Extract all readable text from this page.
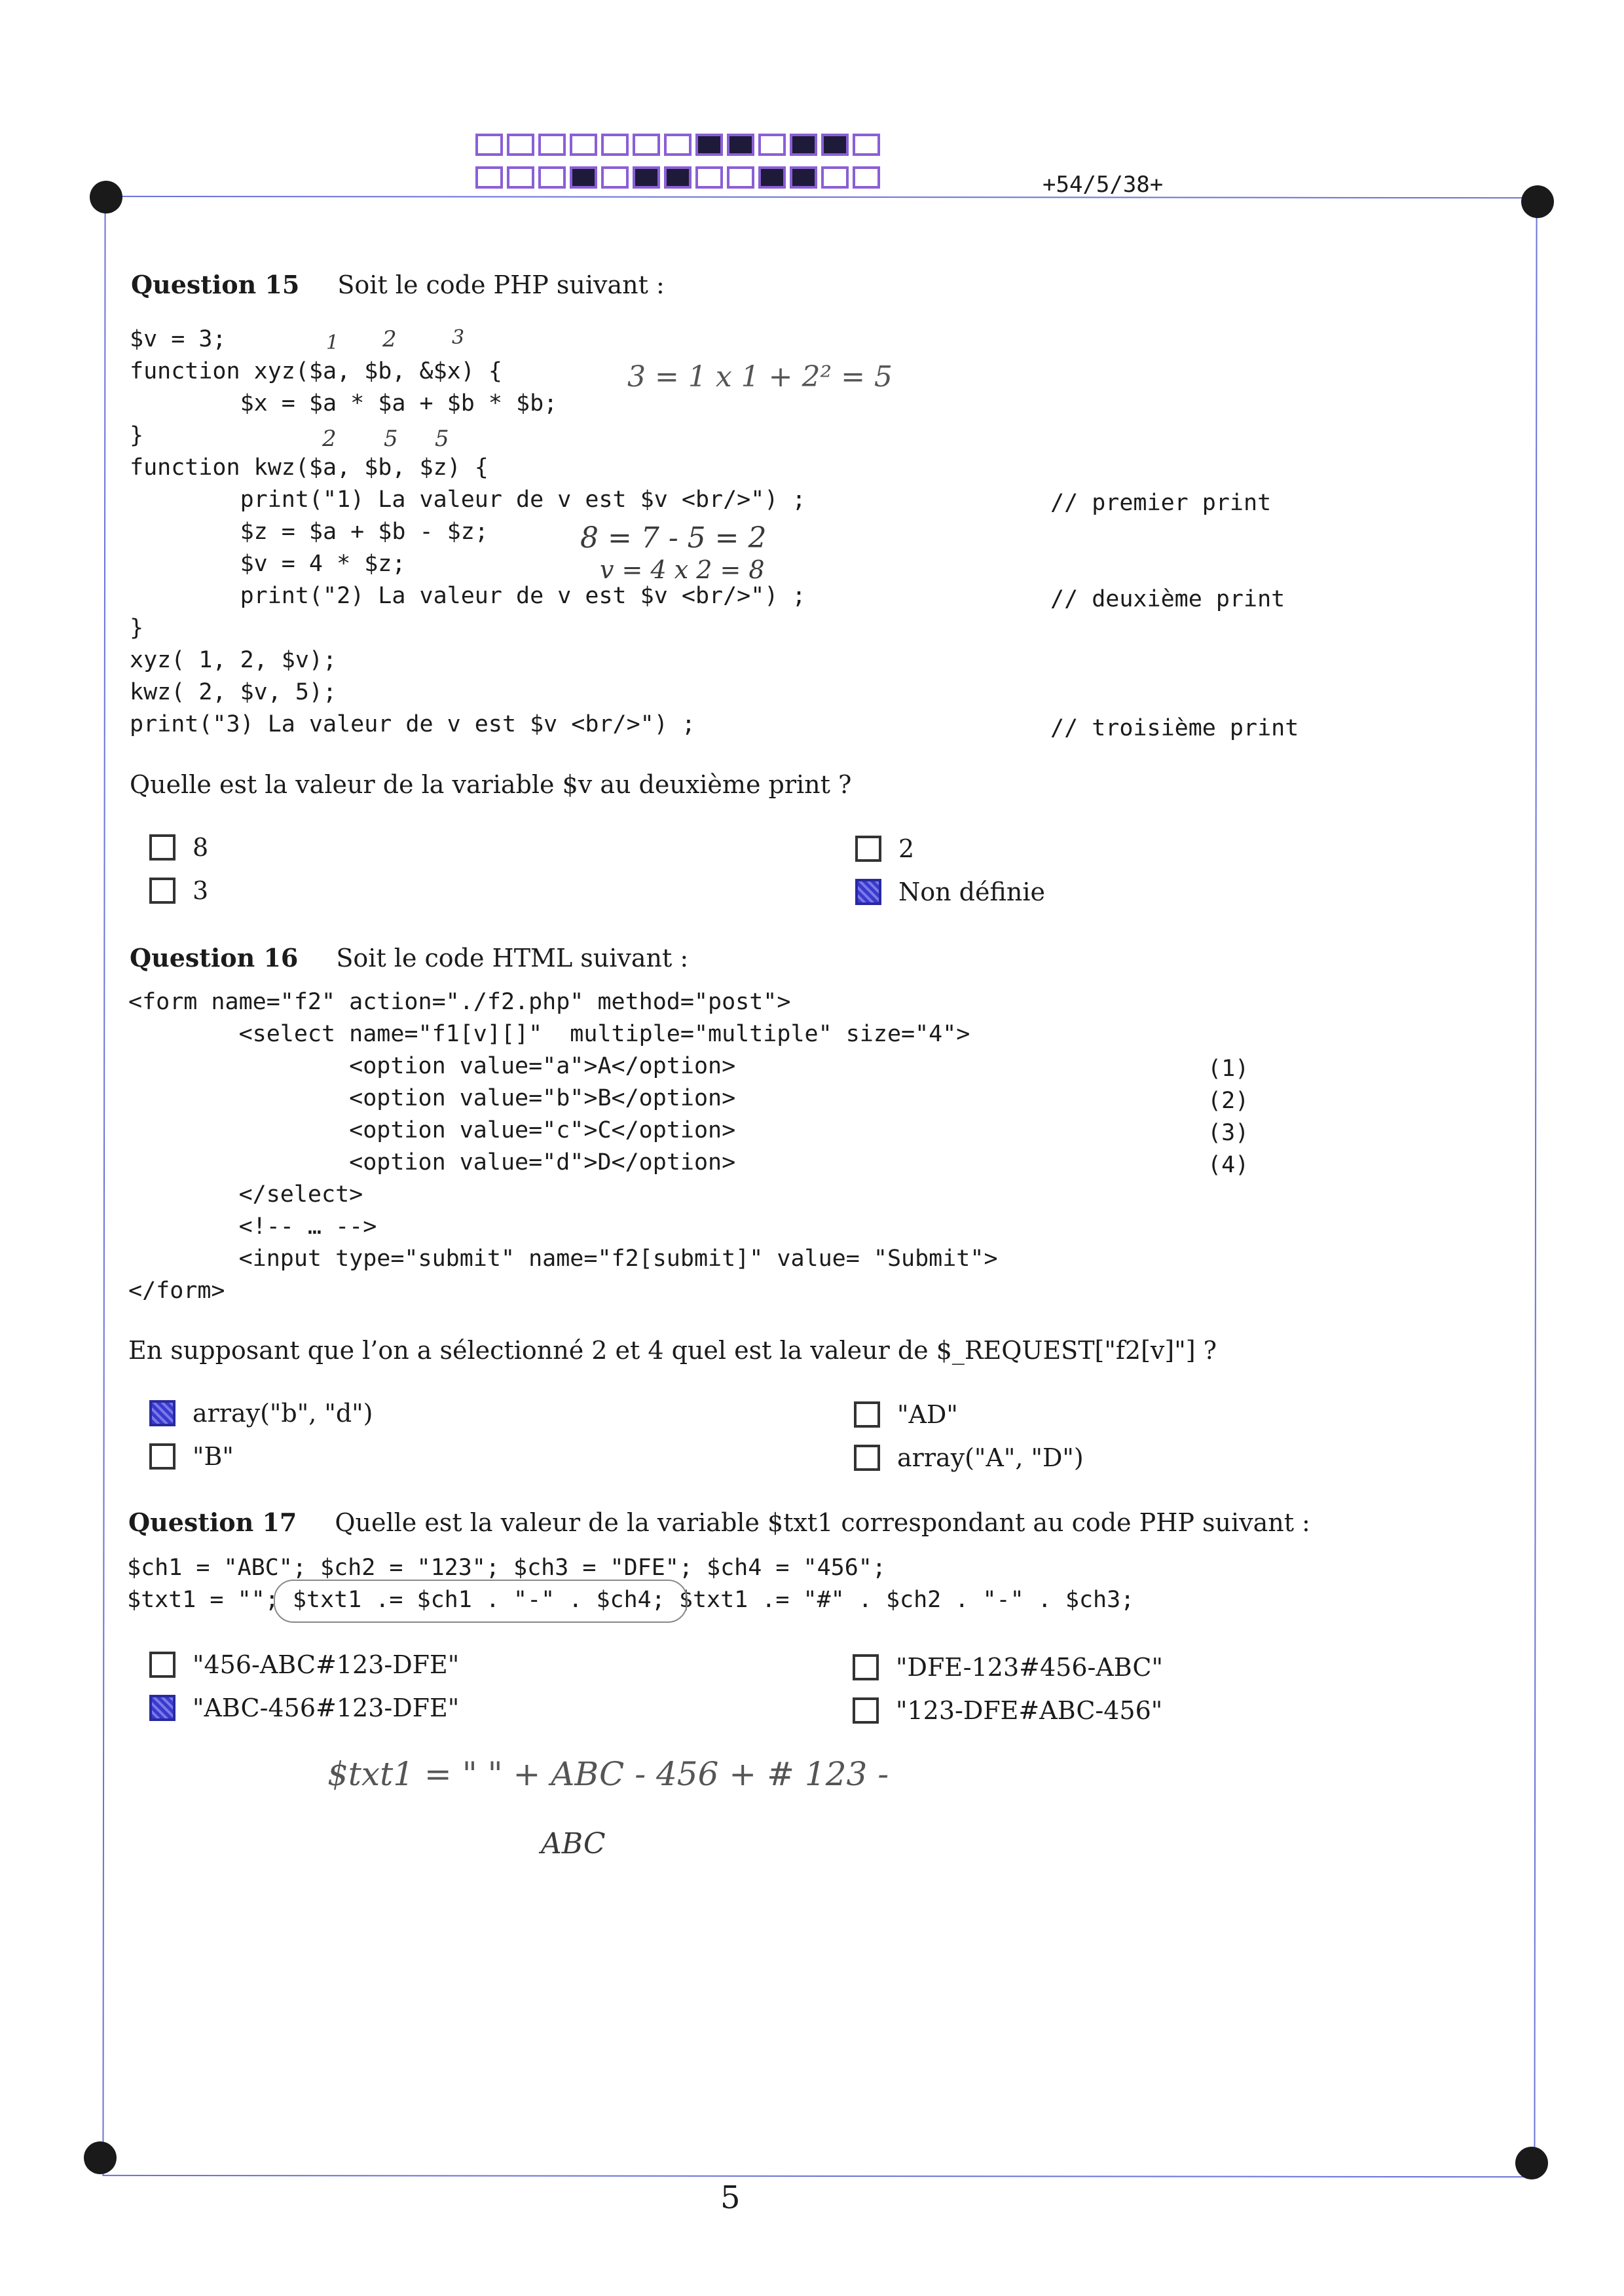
+54/5/38+
Question 15 Soit le code PHP suivant :
$v = 3;
function xyz($a, $b, &$x) {
$x = $a * $a + $b * $b;
}
function kwz($a, $b, $z) {
print("1) La valeur de v est $v <br/>") ;
$z = $a + $b - $z;
$v = 4 * $z;
print("2) La valeur de v est $v <br/>") ;
}
xyz( 1, 2, $v);
kwz( 2, $v, 5);
print("3) La valeur de v est $v <br/>") ;
// premier print
// deuxième print
// troisième print
1 2	3
3 = 1 x 1 + 2² = 5
2 5 5
8 = 7 - 5 = 2
v = 4 x 2 = 8
Quelle est la valeur de la variable $v au deuxième print ?
8	2
3	Non définie
Question 16 Soit le code HTML suivant :
<form name="f2" action="./f2.php" method="post">
<select name="f1[v][]"  multiple="multiple" size="4">
<option value="a">A</option>
<option value="b">B</option>
<option value="c">C</option>
<option value="d">D</option>
</select>
<!-- … -->
<input type="submit" name="f2[submit]" value= "Submit">
</form>
(1)
(2)
(3)
(4)
En supposant que l’on a sélectionné 2 et 4 quel est la valeur de $_REQUEST["f2[v]"] ?
array("b", "d")	"AD"
"B"	array("A", "D")
Question 17 Quelle est la valeur de la variable $txt1 correspondant au code PHP suivant :
$ch1 = "ABC"; $ch2 = "123"; $ch3 = "DFE"; $ch4 = "456";
$txt1 = ""; $txt1 .= $ch1 . "-" . $ch4; $txt1 .= "#" . $ch2 . "-" . $ch3;
"456-ABC#123-DFE"	"DFE-123#456-ABC"
"ABC-456#123-DFE"	"123-DFE#ABC-456"
$txt1 = " " + ABC - 456 + # 123 -
ABC
5
